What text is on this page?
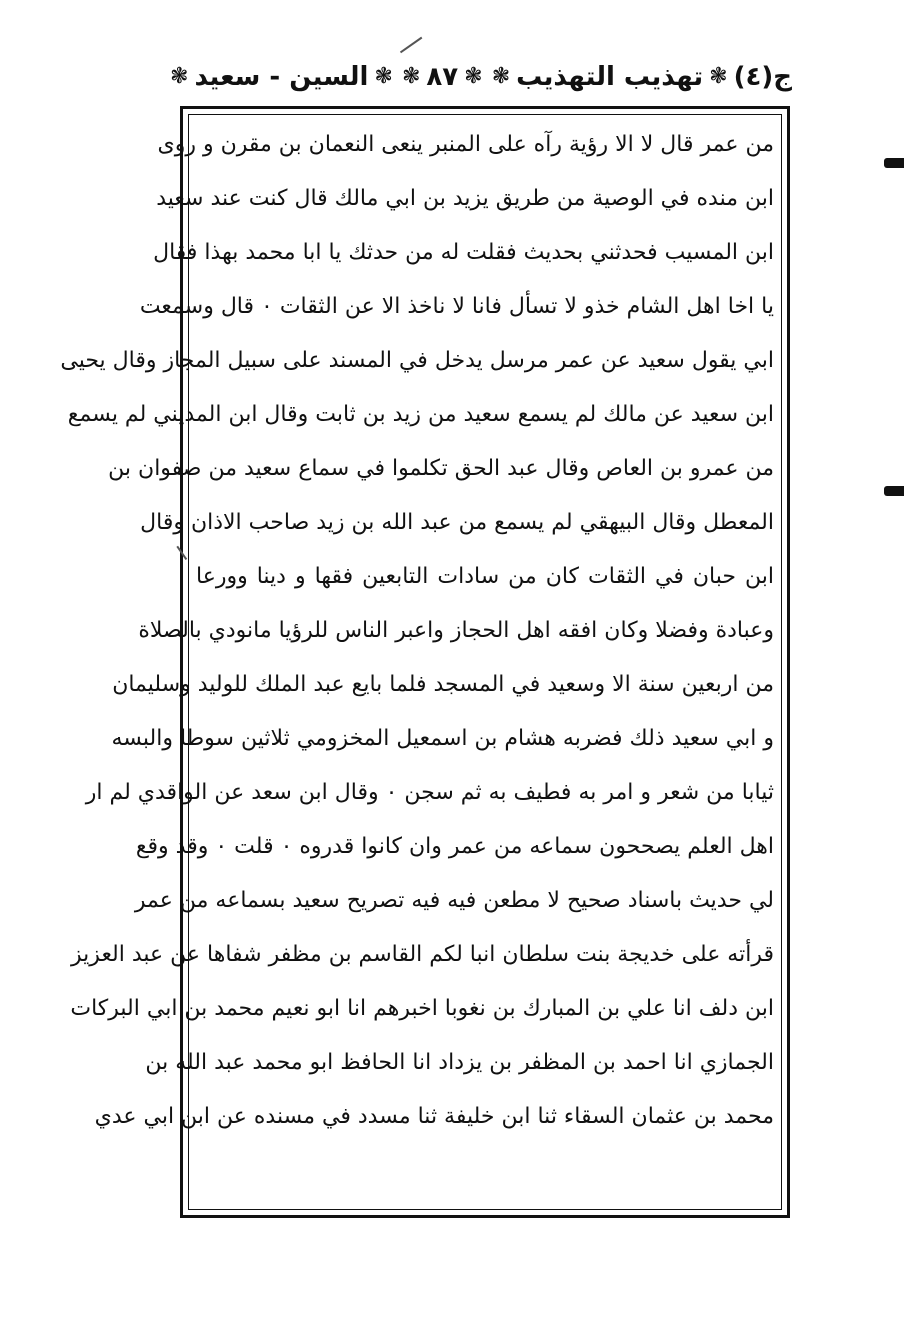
ج(٤)
❃
تهذيب التهذيب
❃
❃
٨٧
❃
❃
السين - سعيد
❃
من عمر قال لا الا رؤية رآه على المنبر ينعى النعمان بن مقرن و روى
ابن منده في الوصية من طريق يزيد بن ابي مالك قال كنت عند سعيد
ابن المسيب فحدثني بحديث فقلت له من حدثك يا ابا محمد بهذا فقال
يا اخا اهل الشام خذو لا تسأل فانا لا ناخذ الا عن الثقات ٠ قال وسمعت
ابي يقول سعيد عن عمر مرسل يدخل في المسند على سبيل المجاز وقال يحيى
ابن سعيد عن مالك لم يسمع سعيد من زيد بن ثابت وقال ابن المديني لم يسمع
من عمرو بن العاص وقال عبد الحق تكلموا في سماع سعيد من صفوان بن
المعطل وقال البيهقي لم يسمع من عبد الله بن زيد صاحب الاذان وقال
ابن حبان في الثقات كان من سادات التابعين فقها و دينا وورعا
وعبادة وفضلا وكان افقه اهل الحجاز واعبر الناس للرؤيا مانودي بالصلاة
من اربعين سنة الا وسعيد في المسجد فلما بايع عبد الملك للوليد وسليمان
و ابي سعيد ذلك فضربه هشام بن اسمعيل المخزومي ثلاثين سوطا والبسه
ثيابا من شعر و امر به فطيف به ثم سجن ٠ وقال ابن سعد عن الواقدي لم ار
اهل العلم يصححون سماعه من عمر وان كانوا قدروه ٠ قلت ٠ وقد وقع
لي حديث باسناد صحيح لا مطعن فيه فيه تصريح سعيد بسماعه من عمر
قرأته على خديجة بنت سلطان انبا لكم القاسم بن مظفر شفاها عن عبد العزيز
ابن دلف انا علي بن المبارك بن نغوبا اخبرهم انا ابو نعيم محمد بن ابي البركات
الجمازي انا احمد بن المظفر بن يزداد انا الحافظ ابو محمد عبد الله بن
محمد بن عثمان السقاء ثنا ابن خليفة ثنا مسدد في مسنده عن ابن ابي عدي
